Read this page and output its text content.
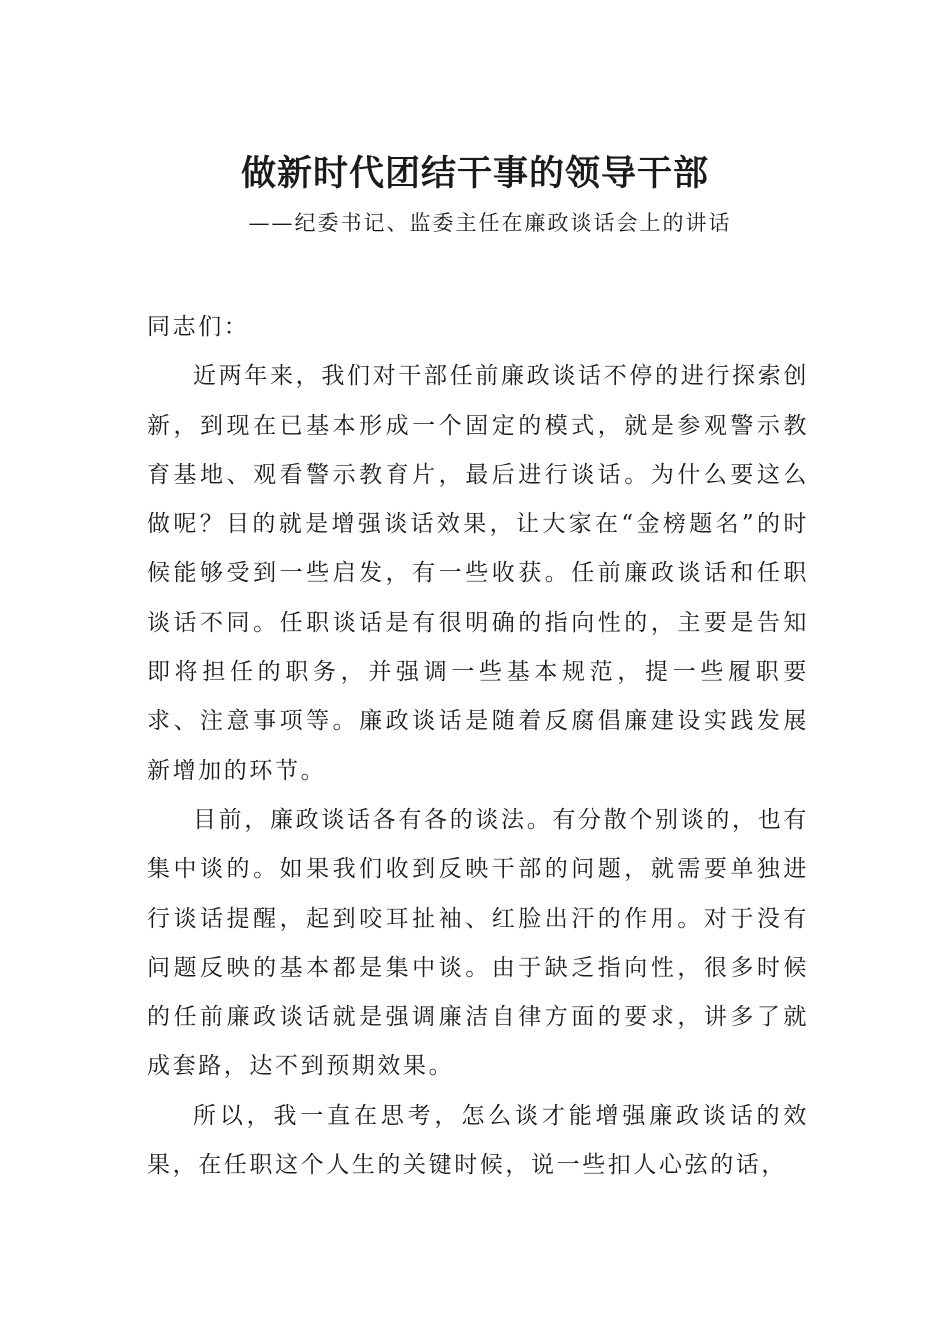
做新时代团结干事的领导干部
——纪委书记、监委主任在廉政谈话会上的讲话

同志们：

近两年来，我们对干部任前廉政谈话不停的进行探索创新，到现在已基本形成一个固定的模式，就是参观警示教育基地、观看警示教育片，最后进行谈话。为什么要这么做呢？目的就是增强谈话效果，让大家在“金榜题名”的时候能够受到一些启发，有一些收获。任前廉政谈话和任职谈话不同。任职谈话是有很明确的指向性的，主要是告知即将担任的职务，并强调一些基本规范，提一些履职要求、注意事项等。廉政谈话是随着反腐倡廉建设实践发展新增加的环节。

目前，廉政谈话各有各的谈法。有分散个别谈的，也有集中谈的。如果我们收到反映干部的问题，就需要单独进行谈话提醒，起到咬耳扯袖、红脸出汗的作用。对于没有问题反映的基本都是集中谈。由于缺乏指向性，很多时候的任前廉政谈话就是强调廉洁自律方面的要求，讲多了就成套路，达不到预期效果。

所以，我一直在思考，怎么谈才能增强廉政谈话的效果，在任职这个人生的关键时候，说一些扣人心弦的话，
